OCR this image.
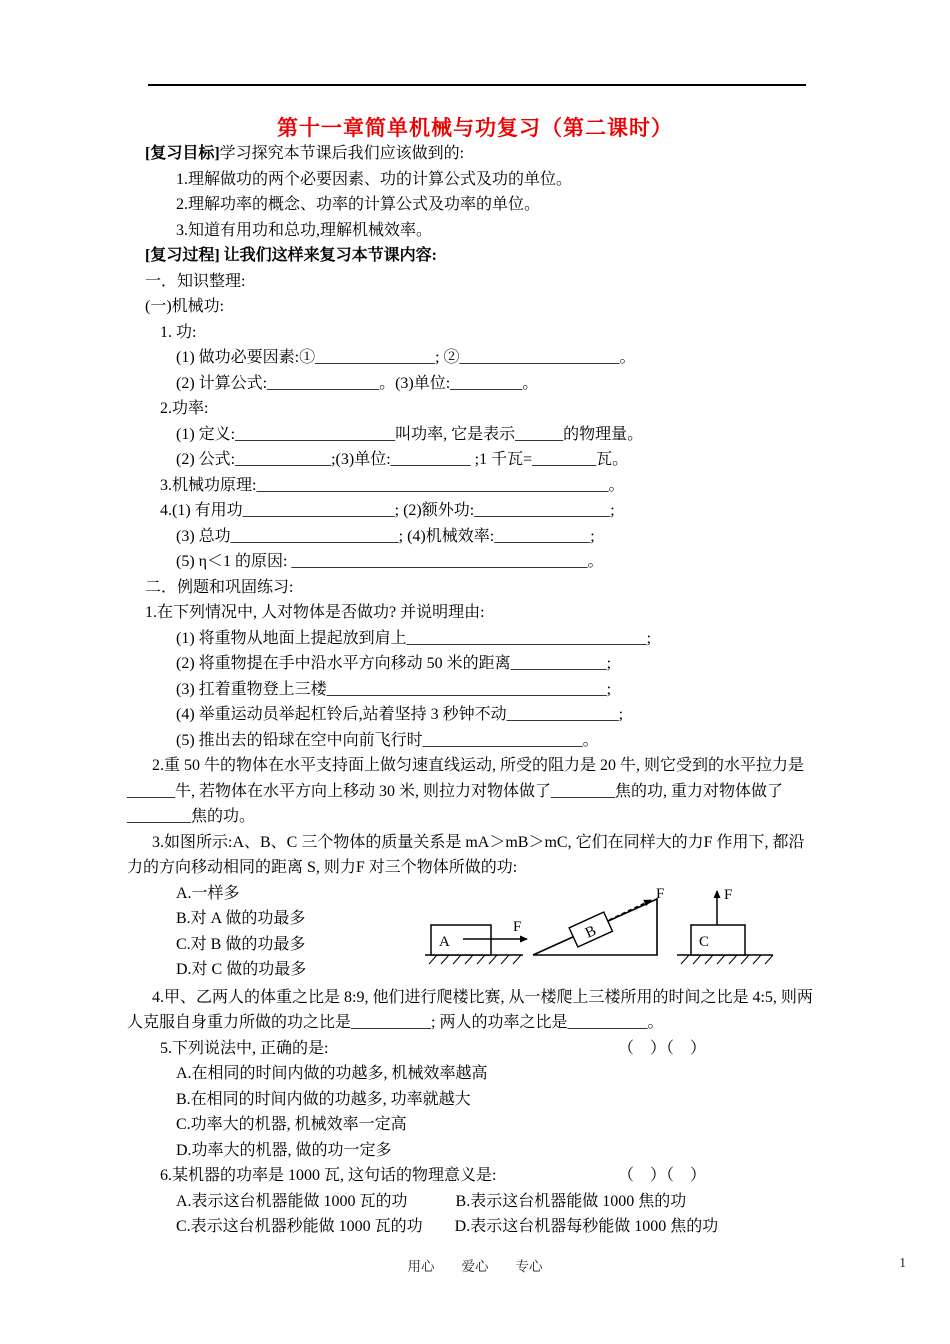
第十一章简单机械与功复习（第二课时）

[复习目标]学习探究本节课后我们应该做到的:

1.理解做功的两个必要因素、功的计算公式及功的单位。

2.理解功率的概念、功率的计算公式及功率的单位。

3.知道有用功和总功,理解机械效率。

[复习过程] 让我们这样来复习本节课内容:

一．知识整理:

(一)机械功:

1. 功:

(1) 做功必要因素:①_______________; ②____________________。

(2) 计算公式:______________。(3)单位:_________。

2.功率:

(1) 定义:____________________叫功率, 它是表示______的物理量。

(2) 公式:____________;(3)单位:__________ ;1 千瓦=________瓦。

3.机械功原理:____________________________________________。

4.(1) 有用功___________________; (2)额外功:_________________;

(3) 总功_____________________; (4)机械效率:____________;

(5) η＜1 的原因: _____________________________________。

二．例题和巩固练习:

1.在下列情况中, 人对物体是否做功? 并说明理由:

(1) 将重物从地面上提起放到肩上______________________________;

(2) 将重物提在手中沿水平方向移动 50 米的距离____________;

(3) 扛着重物登上三楼___________________________________;

(4) 举重运动员举起杠铃后,站着坚持 3 秒钟不动______________;

(5) 推出去的铅球在空中向前飞行时____________________。

2.重 50 牛的物体在水平支持面上做匀速直线运动, 所受的阻力是 20 牛, 则它受到的水平拉力是______牛, 若物体在水平方向上移动 30 米, 则拉力对物体做了________焦的功, 重力对物体做了________焦的功。
3.如图所示:A、B、C 三个物体的质量关系是 mA＞mB＞mC, 它们在同样大的力F 作用下, 都沿力的方向移动相同的距离 S, 则力F 对三个物体所做的功:

A.一样多

B.对 A 做的功最多

C.对 B 做的功最多

D.对 C 做的功最多

A
F	B
F
C
F
4.甲、乙两人的体重之比是 8:9, 他们进行爬楼比赛, 从一楼爬上三楼所用的时间之比是 4:5, 则两人克服自身重力所做的功之比是__________; 两人的功率之比是__________。

5.下列说法中, 正确的是:	（　）（　）

A.在相同的时间内做的功越多, 机械效率越高

B.在相同的时间内做的功越多, 功率就越大

C.功率大的机器, 机械效率一定高

D.功率大的机器, 做的功一定多

6.某机器的功率是 1000 瓦, 这句话的物理意义是:	（　）（　）

A.表示这台机器能做 1000 瓦的功　　　B.表示这台机器能做 1000 焦的功

C.表示这台机器秒能做 1000 瓦的功　　D.表示这台机器每秒能做 1000 焦的功

用心　　爱心　　专心	1
